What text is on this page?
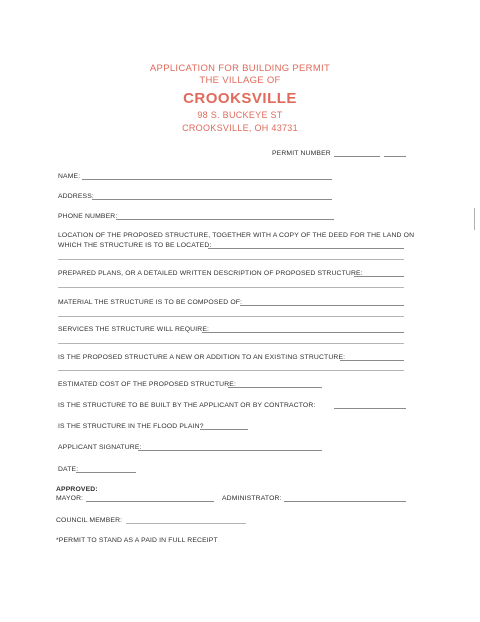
APPLICATION FOR BUILDING PERMIT
THE VILLAGE OF
CROOKSVILLE
98 S. BUCKEYE ST
CROOKSVILLE, OH 43731
PERMIT NUMBER
NAME:
ADDRESS:
PHONE NUMBER:
LOCATION OF THE PROPOSED STRUCTURE, TOGETHER WITH A COPY OF THE DEED FOR THE LAND ON
WHICH THE STRUCTURE IS TO BE LOCATED:
PREPARED PLANS, OR A DETAILED WRITTEN DESCRIPTION OF PROPOSED STRUCTURE:
MATERIAL THE STRUCTURE IS TO BE COMPOSED OF:
SERVICES THE STRUCTURE WILL REQUIRE:
IS THE PROPOSED STRUCTURE A NEW OR ADDITION TO AN EXISTING STRUCTURE:
ESTIMATED COST OF THE PROPOSED STRUCTURE:
IS THE STRUCTURE TO BE BUILT BY THE APPLICANT OR BY CONTRACTOR:
IS THE STRUCTURE IN THE FLOOD PLAIN?
APPLICANT SIGNATURE:
DATE:
APPROVED:
MAYOR:	ADMINISTRATOR:
COUNCIL MEMBER:
*PERMIT TO STAND AS A PAID IN FULL RECEIPT
